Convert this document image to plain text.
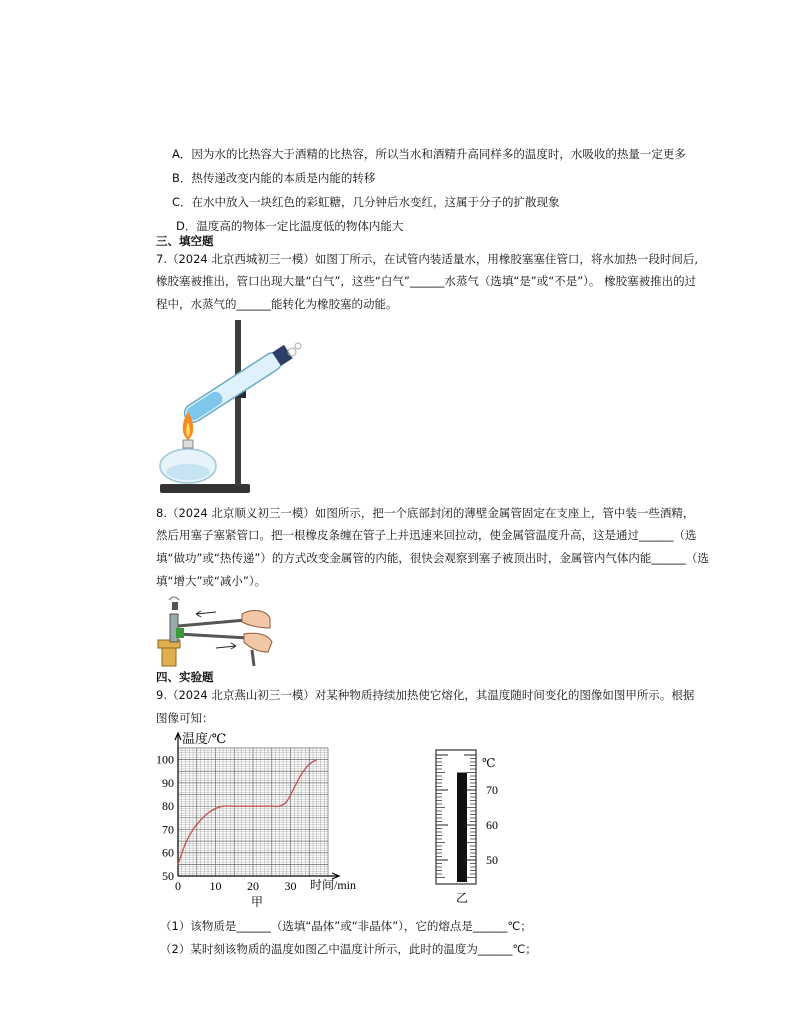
A．因为水的比热容大于酒精的比热容，所以当水和酒精升高同样多的温度时，水吸收的热量一定更多
B．热传递改变内能的本质是内能的转移
C．在水中放入一块红色的彩虹糖，几分钟后水变红，这属于分子的扩散现象
D．温度高的物体一定比温度低的物体内能大
三、填空题
7.（2024 北京西城初三一模）如图丁所示，在试管内装适量水，用橡胶塞塞住管口，将水加热一段时间后,
橡胶塞被推出，管口出现大量“白气”，这些“白气”______水蒸气（选填“是”或“不是”）。 橡胶塞被推出的过
程中，水蒸气的______能转化为橡胶塞的动能。
8.（2024 北京顺义初三一模）如图所示，把一个底部封闭的薄壁金属管固定在支座上，管中装一些酒精，
然后用塞子塞紧管口。把一根橡皮条缠在管子上并迅速来回拉动，使金属管温度升高，这是通过______（选
填“做功”或“热传递”）的方式改变金属管的内能，很快会观察到塞子被顶出时，金属管内气体内能______（选
填“增大”或“减小”）。
四、实验题
9.（2024 北京燕山初三一模）对某种物质持续加热使它熔化，其温度随时间变化的图像如图甲所示。根据
图像可知：
50
60
70
80
90
100
0 10 20 30
温度/℃
时间/min
甲
℃
70
60
50
乙
（1）该物质是______（选填“晶体”或“非晶体”），它的熔点是______℃；
（2）某时刻该物质的温度如图乙中温度计所示，此时的温度为______℃；
